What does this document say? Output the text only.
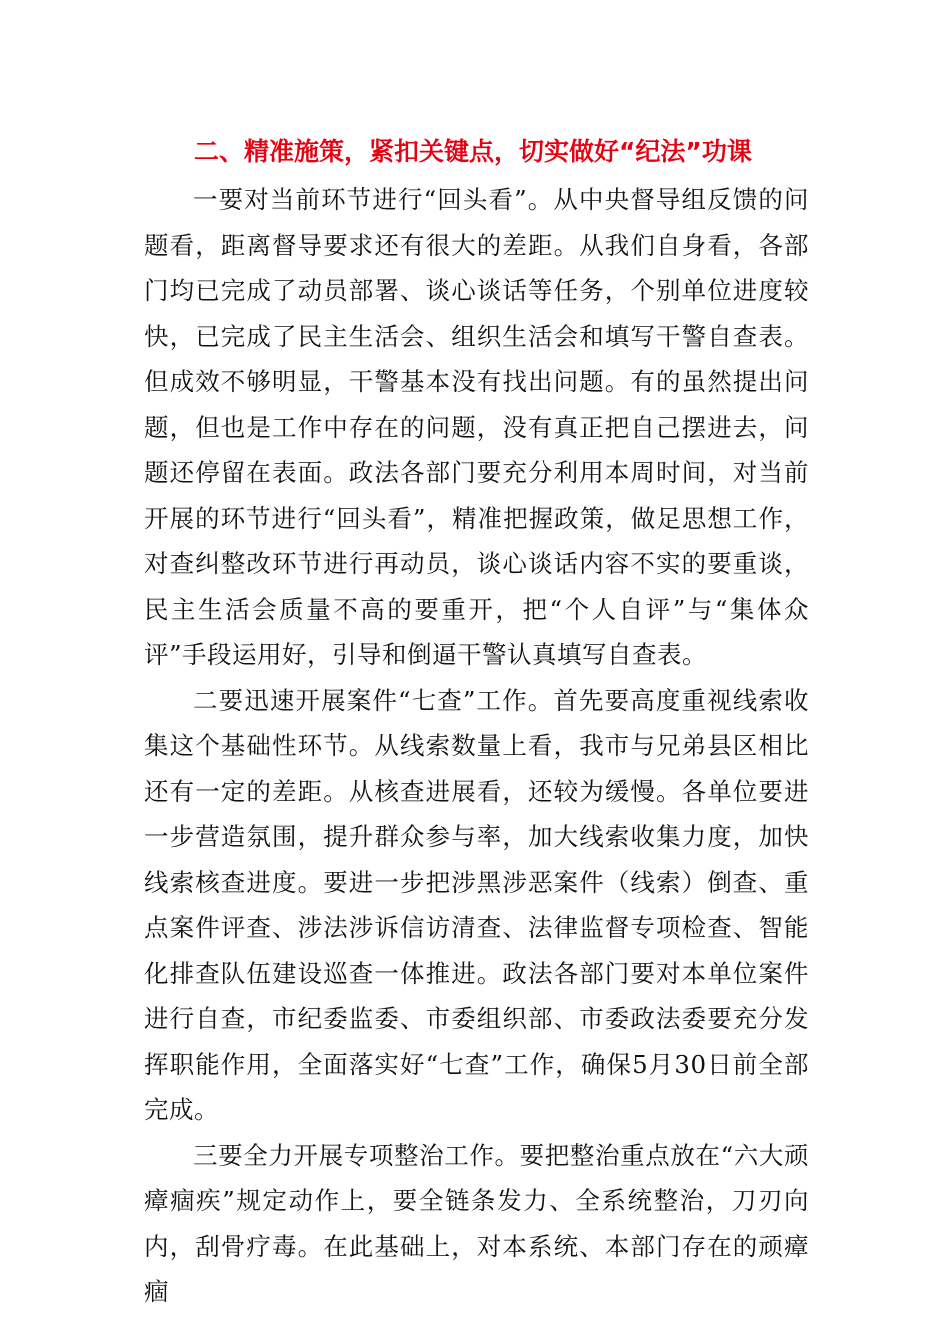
二、精准施策，紧扣关键点，切实做好“纪法”功课

一要对当前环节进行“回头看”。从中央督导组反馈的问题看，距离督导要求还有很大的差距。从我们自身看，各部门均已完成了动员部署、谈心谈话等任务，个别单位进度较快，已完成了民主生活会、组织生活会和填写干警自查表。但成效不够明显，干警基本没有找出问题。有的虽然提出问题，但也是工作中存在的问题，没有真正把自己摆进去，问题还停留在表面。政法各部门要充分利用本周时间，对当前开展的环节进行“回头看”，精准把握政策，做足思想工作，对查纠整改环节进行再动员，谈心谈话内容不实的要重谈，民主生活会质量不高的要重开，把“个人自评”与“集体众评”手段运用好，引导和倒逼干警认真填写自查表。

二要迅速开展案件“七查”工作。首先要高度重视线索收集这个基础性环节。从线索数量上看，我市与兄弟县区相比还有一定的差距。从核查进展看，还较为缓慢。各单位要进一步营造氛围，提升群众参与率，加大线索收集力度，加快线索核查进度。要进一步把涉黑涉恶案件（线索）倒查、重点案件评查、涉法涉诉信访清查、法律监督专项检查、智能化排查队伍建设巡查一体推进。政法各部门要对本单位案件进行自查，市纪委监委、市委组织部、市委政法委要充分发挥职能作用，全面落实好“七查”工作，确保5月30日前全部完成。

三要全力开展专项整治工作。要把整治重点放在“六大顽瘴痼疾”规定动作上，要全链条发力、全系统整治，刀刃向内，刮骨疗毒。在此基础上，对本系统、本部门存在的顽瘴痼
